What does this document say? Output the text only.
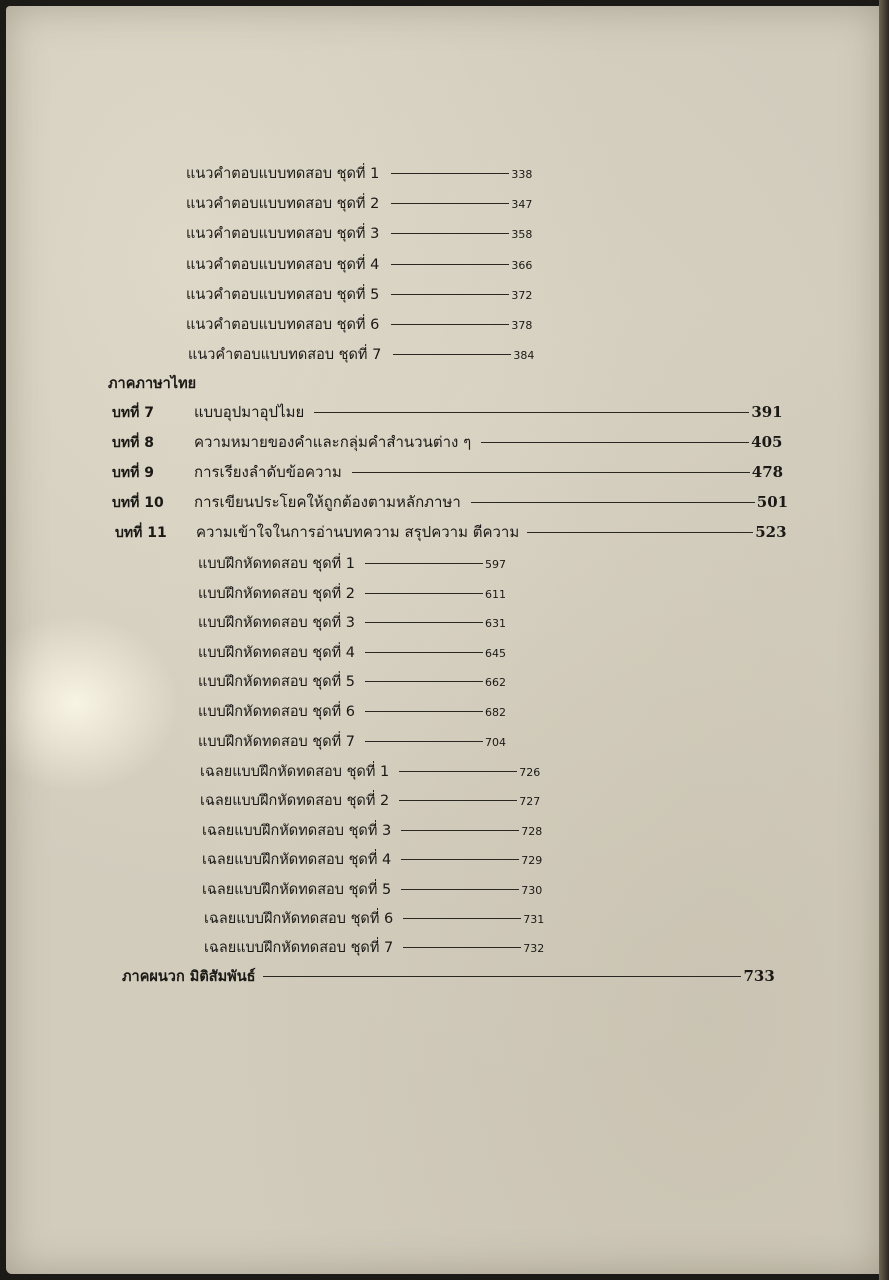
แนวคำตอบแบบทดสอบ ชุดที่ 1	338
แนวคำตอบแบบทดสอบ ชุดที่ 2	347
แนวคำตอบแบบทดสอบ ชุดที่ 3	358
แนวคำตอบแบบทดสอบ ชุดที่ 4	366
แนวคำตอบแบบทดสอบ ชุดที่ 5	372
แนวคำตอบแบบทดสอบ ชุดที่ 6	378
แนวคำตอบแบบทดสอบ ชุดที่ 7	384
ภาคภาษาไทย
บทที่ 7	แบบอุปมาอุปไมย	391
บทที่ 8	ความหมายของคำและกลุ่มคำสำนวนต่าง ๆ	405
บทที่ 9	การเรียงลำดับข้อความ	478
บทที่ 10 การเขียนประโยคให้ถูกต้องตามหลักภาษา	501
บทที่ 11 ความเข้าใจในการอ่านบทความ สรุปความ ตีความ	523
แบบฝึกหัดทดสอบ ชุดที่ 1	597
แบบฝึกหัดทดสอบ ชุดที่ 2	611
แบบฝึกหัดทดสอบ ชุดที่ 3	631
แบบฝึกหัดทดสอบ ชุดที่ 4	645
แบบฝึกหัดทดสอบ ชุดที่ 5	662
แบบฝึกหัดทดสอบ ชุดที่ 6	682
แบบฝึกหัดทดสอบ ชุดที่ 7	704
เฉลยแบบฝึกหัดทดสอบ ชุดที่ 1	726
เฉลยแบบฝึกหัดทดสอบ ชุดที่ 2	727
เฉลยแบบฝึกหัดทดสอบ ชุดที่ 3	728
เฉลยแบบฝึกหัดทดสอบ ชุดที่ 4	729
เฉลยแบบฝึกหัดทดสอบ ชุดที่ 5	730
เฉลยแบบฝึกหัดทดสอบ ชุดที่ 6	731
เฉลยแบบฝึกหัดทดสอบ ชุดที่ 7	732
ภาคผนวก มิติสัมพันธ์	733
